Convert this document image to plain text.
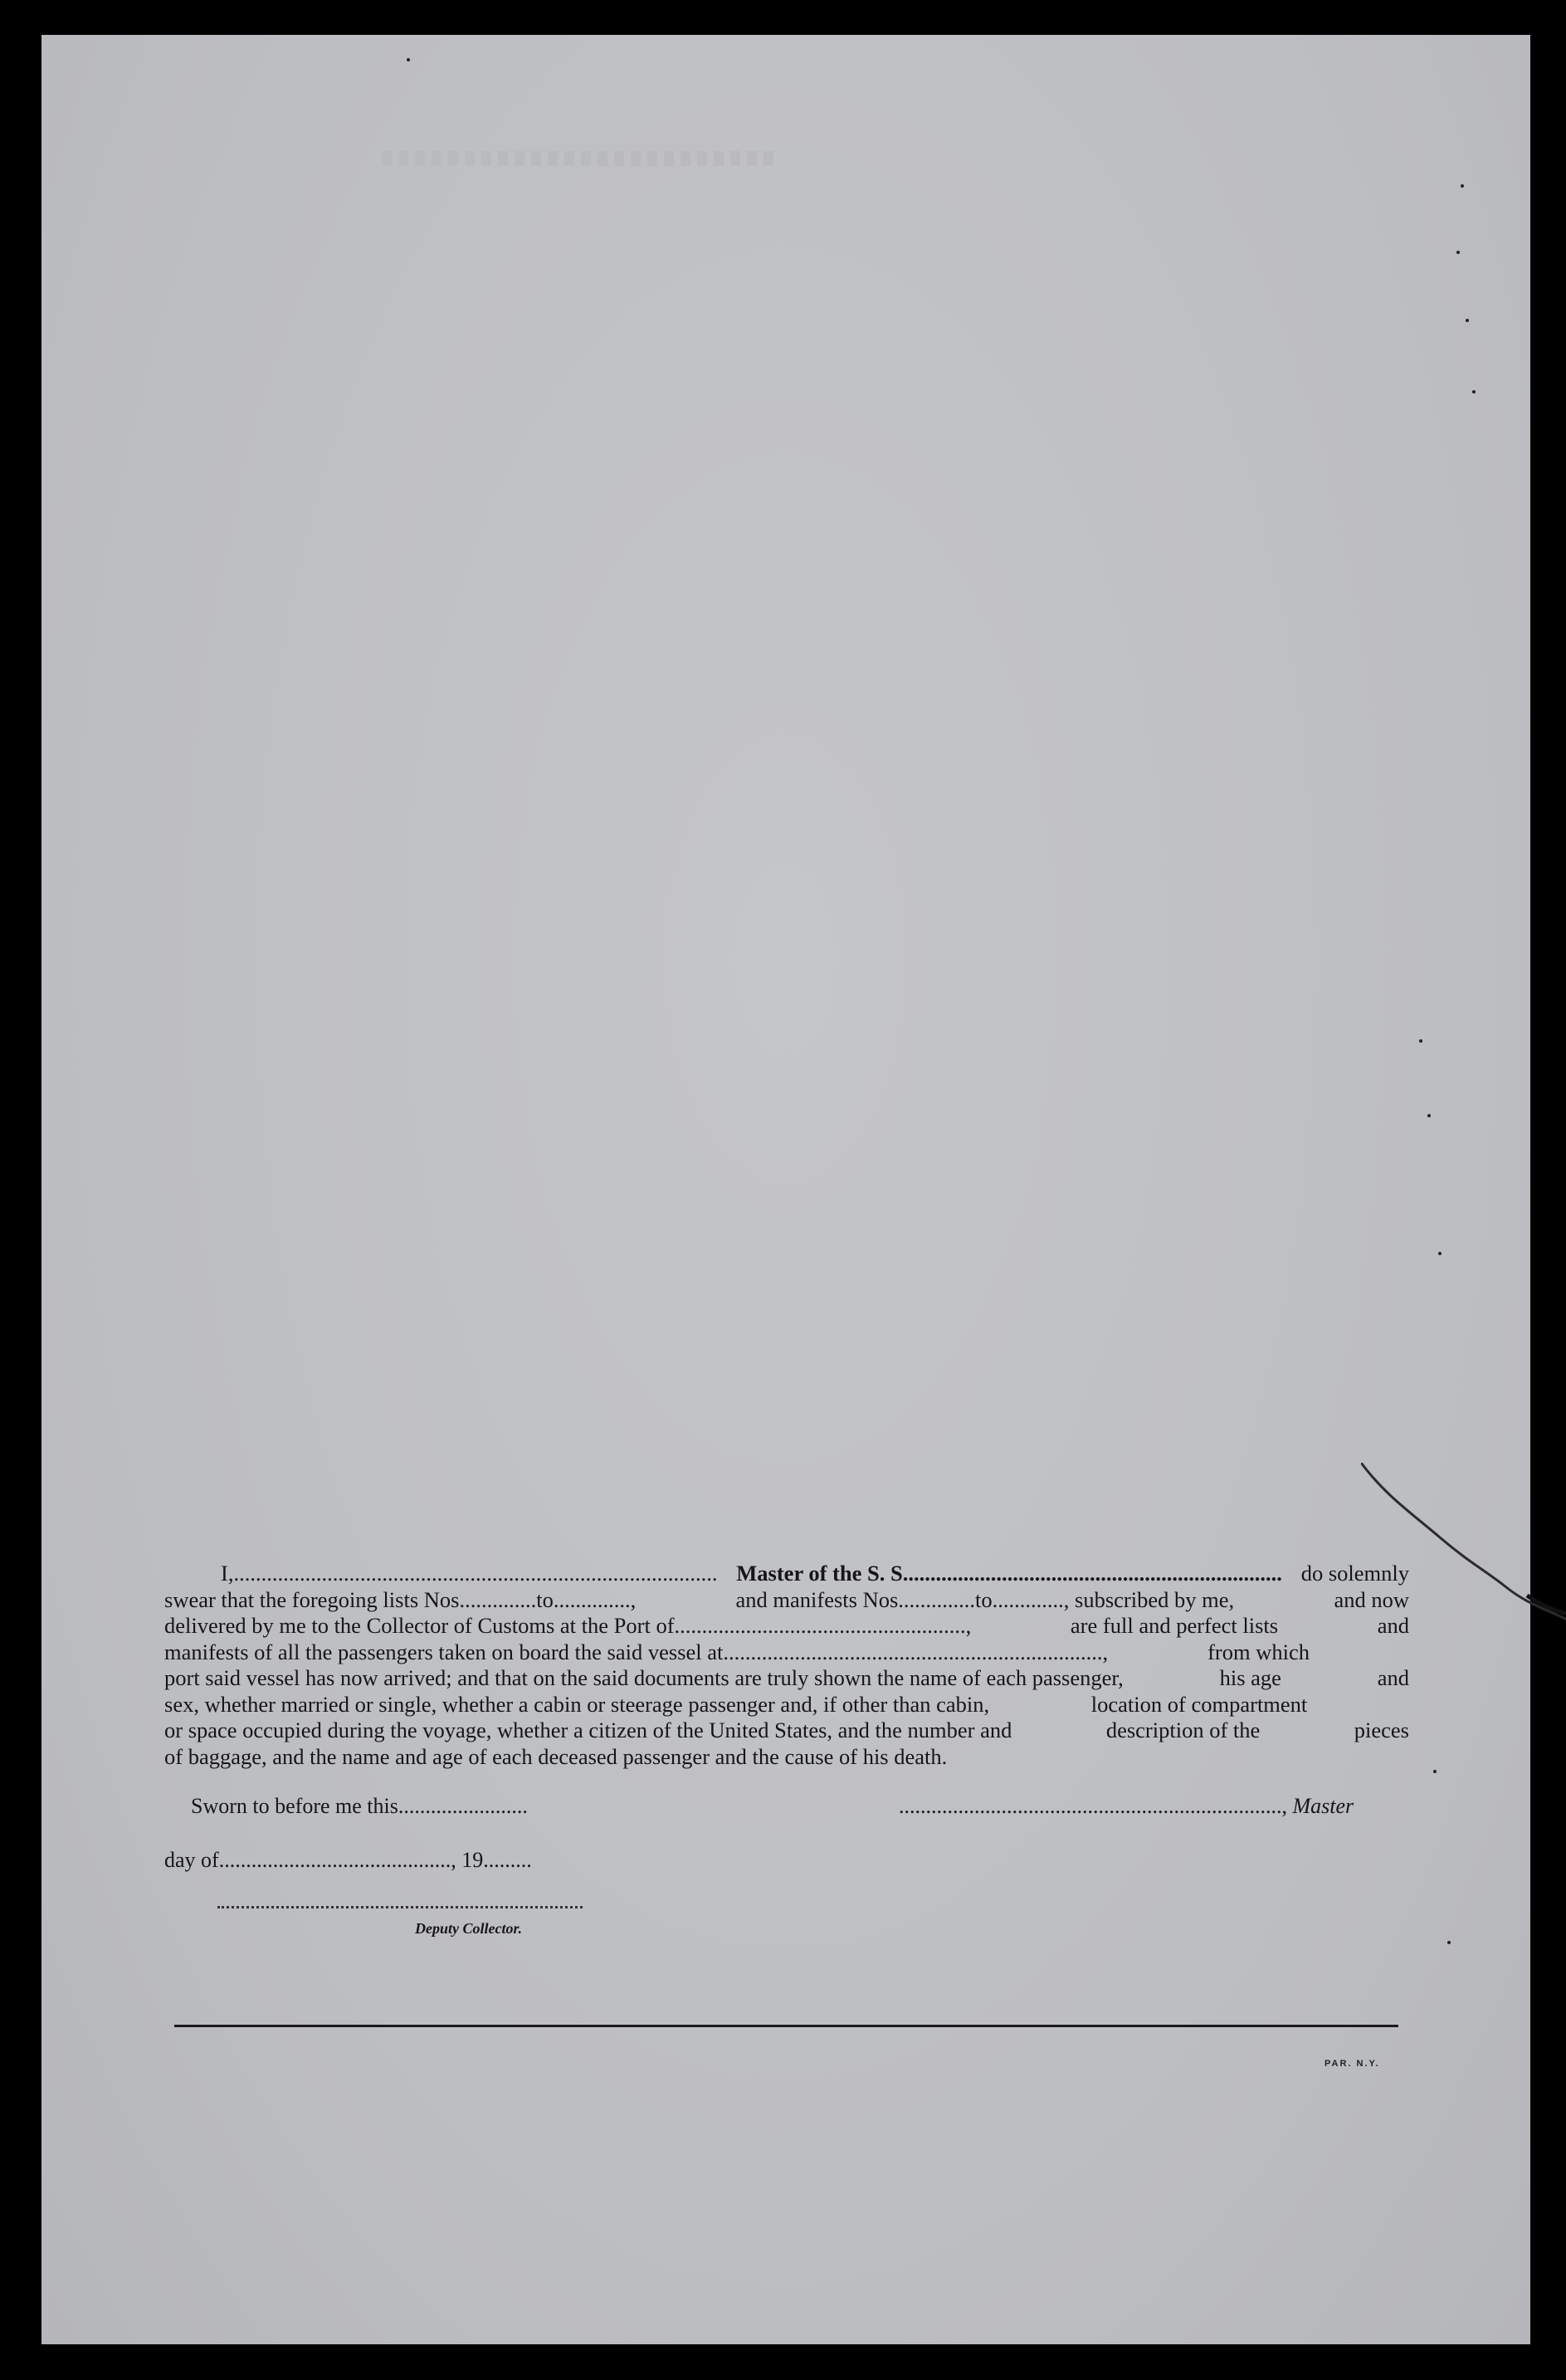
I,........................................................................................ Master of the S. S..................................................................... do solemnly
swear that the foregoing lists Nos..............to..............,	and manifests Nos..............to............., subscribed by me,	and now
delivered by me to the Collector of Customs at the Port of.....................................................,	are full and perfect lists	and
manifests of all the passengers taken on board the said vessel at.....................................................................,	from which
port said vessel has now arrived; and that on the said documents are truly shown the name of each passenger,	his age	and
sex, whether married or single, whether a cabin or steerage passenger and, if other than cabin,	location of compartment
or space occupied during the voyage, whether a citizen of the United States, and the number and	description of the	pieces
of baggage, and the name and age of each deceased passenger and the cause of his death.
Sworn to before me this........................	......................................................................., Master
day of..........................................., 19.........
Deputy Collector.
PAR. N.Y.
